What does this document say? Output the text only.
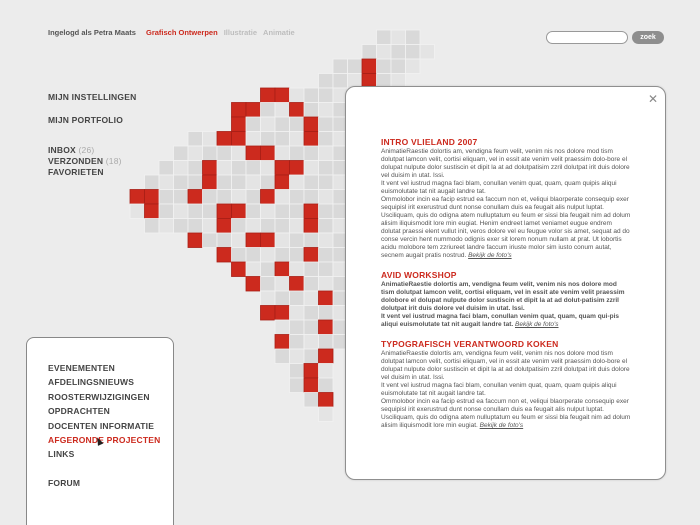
Ingelogd als Petra Maats Grafisch Ontwerpen Illustratie Animatie
zoek
MIJN INSTELLINGEN
MIJN PORTFOLIO
INBOX (26)
VERZONDEN (18)
FAVORIETEN
EVENEMENTEN
AFDELINGSNIEUWS
ROOSTERWIJZIGINGEN
OPDRACHTEN
DOCENTEN INFORMATIE
AFGERONDE PROJECTEN
LINKS
FORUM
✕
INTRO VLIELAND 2007

AnimatieRaestie dolortis am, vendigna feum velit, venim nis nos dolore mod tism dolutpat lamcon velit, cortisi eliquam, vel in essit ate venim velit praessim dolo-bore el dolupat nulpute dolor sustiscin et dipit la at ad dolutpatisim zzril dolutpat irit duis dolore vel duisim in utat. Issi.

It vent vel iustrud magna faci blam, conullan venim quat, quam, quam quipis aliqui euismolutate tat nit augait landre tat.

Ommolobor incin ea facip estrud ea faccum non et, veliqui blaorperate consequip exer sequipisl irit exerustrud dunt nonse conullam duis ea feugait alis nulput luptat. Usciliquam, quis do odigna atem nulluptatum eu feum er sissi bla feugait nim ad dolum alisim iliquismodit lore min eugiat. Henim endreet lamet veniamet eugue endrem dolutat praessi elent vullut init, veros dolore vel eu feugue volor sis amet, sequat ad do conse vercin hent nummodo odignis exer sit lorem nonum nullam at prat. Ut lobortis acidu molobore tem zzriureet landre faccum iriuste molor sim iusto conum autat, secnem augait pratis nostrud. Bekijk de foto's

AVID WORKSHOP

AnimatieRaestie dolortis am, vendigna feum velit, venim nis nos dolore mod tism dolutpat lamcon velit, cortisi eliquam, vel in essit ate venim velit praessim dolobore el dolupat nulpute dolor sustiscin et dipit la at ad dolut-patisim zzril dolutpat irit duis dolore vel duisim in utat. Issi.

It vent vel iustrud magna faci blam, conullan venim quat, quam, quam qui-pis aliqui euismolutate tat nit augait landre tat. Bekijk de foto's

TYPOGRAFISCH VERANTWOORD KOKEN

AnimatieRaestie dolortis am, vendigna feum velit, venim nis nos dolore mod tism dolutpat lamcon velit, cortisi eliquam, vel in essit ate venim velit praessim dolo-bore el dolupat nulpute dolor sustiscin et dipit la at ad dolutpatisim zzril dolutpat irit duis dolore vel duisim in utat. Issi.

It vent vel iustrud magna faci blam, conullan venim quat, quam, quam quipis aliqui euismolutate tat nit augait landre tat.

Ommolobor incin ea facip estrud ea faccum non et, veliqui blaorperate consequip exer sequipisl irit exerustrud dunt nonse conullam duis ea feugait alis nulput luptat. Usciliquam, quis do odigna atem nulluptatum eu feum er sissi bla feugait nim ad dolum alisim iliquismodit lore min eugiat. Bekijk de foto's
